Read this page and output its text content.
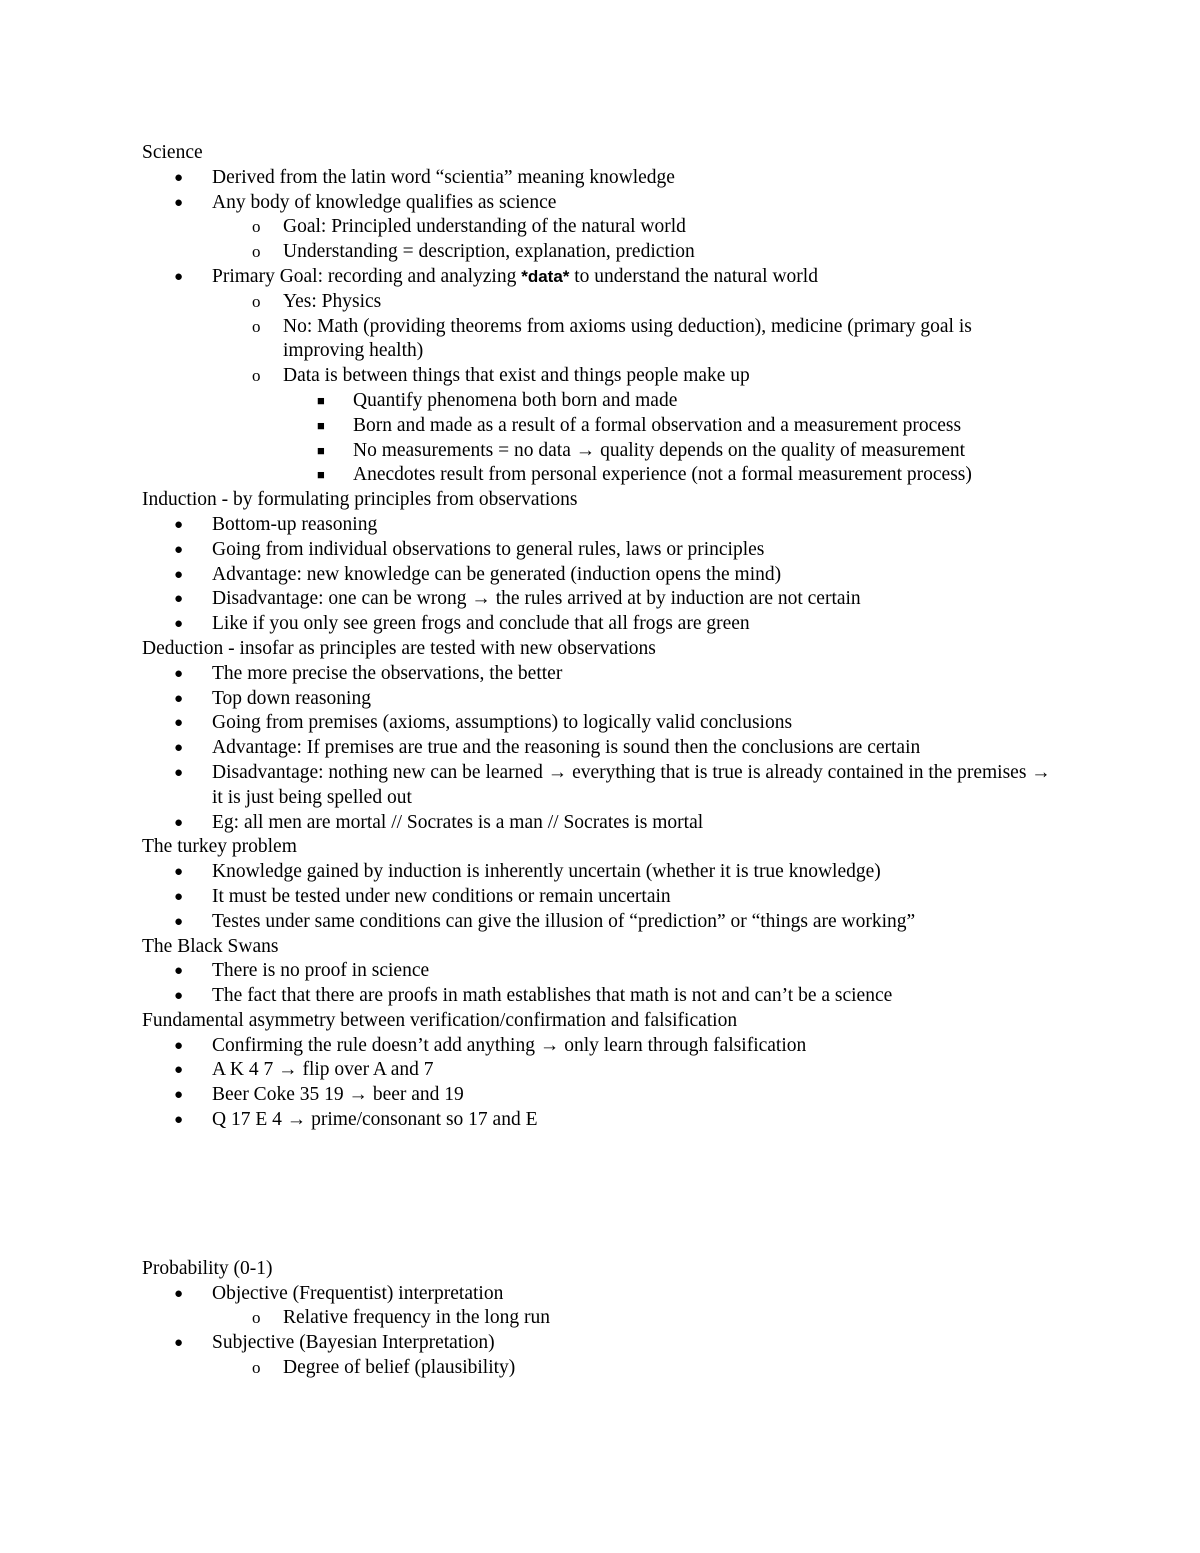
Science
● Derived from the latin word “scientia” meaning knowledge
● Any body of knowledge qualifies as science
o Goal: Principled understanding of the natural world
o Understanding = description, explanation, prediction
● Primary Goal: recording and analyzing *data* to understand the natural world
o Yes: Physics
o No: Math (providing theorems from axioms using deduction), medicine (primary goal is improving health)
o Data is between things that exist and things people make up
■ Quantify phenomena both born and made
■ Born and made as a result of a formal observation and a measurement process
■ No measurements = no data → quality depends on the quality of measurement
■ Anecdotes result from personal experience (not a formal measurement process)
Induction - by formulating principles from observations
● Bottom-up reasoning
● Going from individual observations to general rules, laws or principles
● Advantage: new knowledge can be generated (induction opens the mind)
● Disadvantage: one can be wrong → the rules arrived at by induction are not certain
● Like if you only see green frogs and conclude that all frogs are green
Deduction - insofar as principles are tested with new observations
● The more precise the observations, the better
● Top down reasoning
● Going from premises (axioms, assumptions) to logically valid conclusions
● Advantage: If premises are true and the reasoning is sound then the conclusions are certain
● Disadvantage: nothing new can be learned → everything that is true is already contained in the premises → it is just being spelled out
● Eg: all men are mortal // Socrates is a man // Socrates is mortal
The turkey problem
● Knowledge gained by induction is inherently uncertain (whether it is true knowledge)
● It must be tested under new conditions or remain uncertain
● Testes under same conditions can give the illusion of “prediction” or “things are working”
The Black Swans
● There is no proof in science
● The fact that there are proofs in math establishes that math is not and can’t be a science
Fundamental asymmetry between verification/confirmation and falsification
● Confirming the rule doesn’t add anything → only learn through falsification
● A K 4 7 → flip over A and 7
● Beer Coke 35 19 → beer and 19
● Q 17 E 4 → prime/consonant so 17 and E
Probability (0-1)
● Objective (Frequentist) interpretation
o Relative frequency in the long run
● Subjective (Bayesian Interpretation)
o Degree of belief (plausibility)
